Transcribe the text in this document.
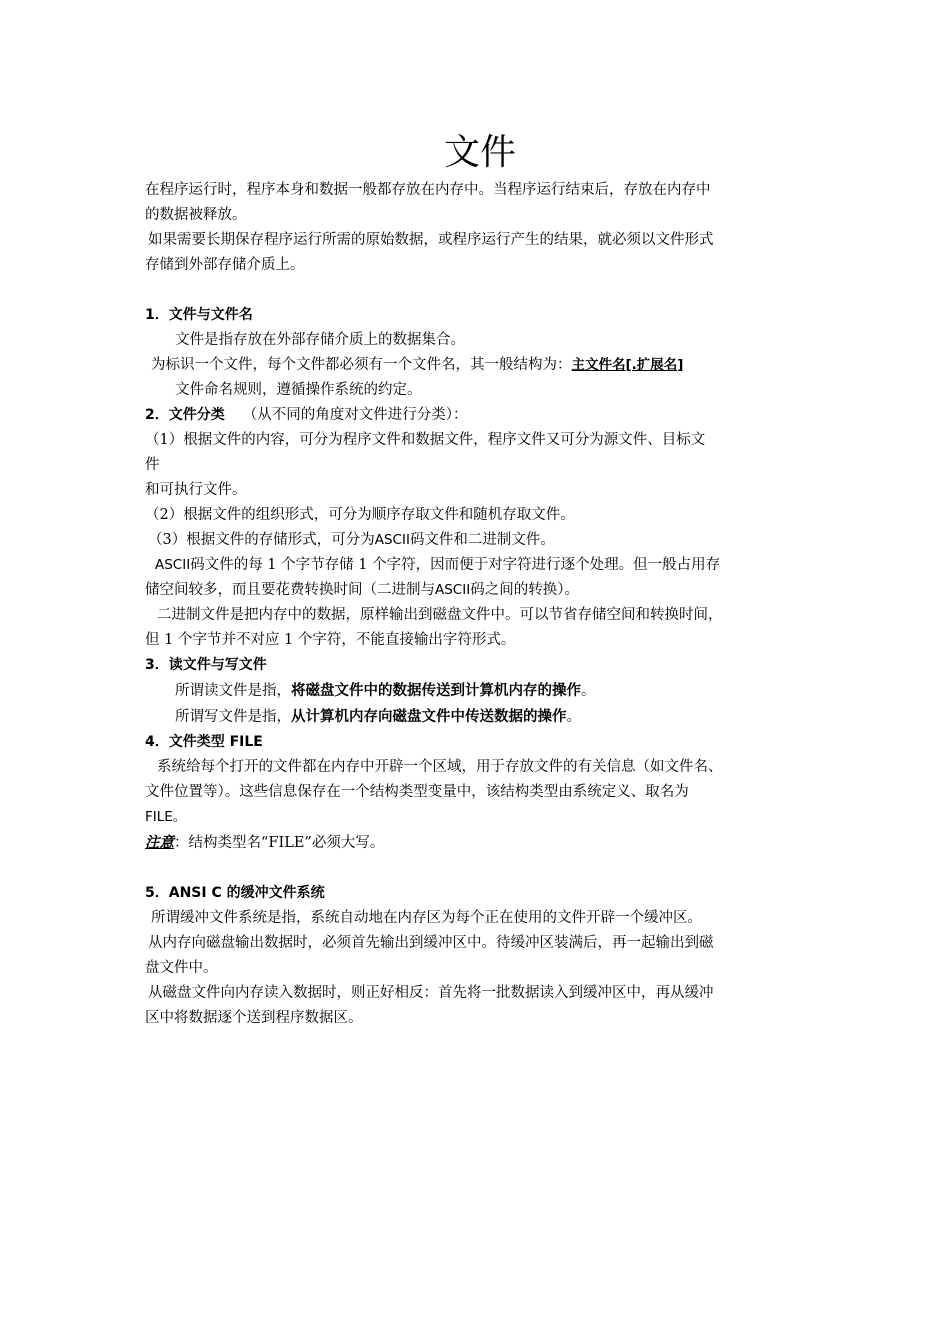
文件

在程序运行时，程序本身和数据一般都存放在内存中。当程序运行结束后，存放在内存中

的数据被释放。

如果需要长期保存程序运行所需的原始数据，或程序运行产生的结果，就必须以文件形式

存储到外部存储介质上。

1．文件与文件名

文件是指存放在外部存储介质上的数据集合。

为标识一个文件，每个文件都必须有一个文件名，其一般结构为：主文件名[.扩展名]

文件命名规则，遵循操作系统的约定。

2．文件分类 （从不同的角度对文件进行分类）：

（1）根据文件的内容，可分为程序文件和数据文件，程序文件又可分为源文件、目标文

件

和可执行文件。

（2）根据文件的组织形式，可分为顺序存取文件和随机存取文件。

（3）根据文件的存储形式，可分为ASCII码文件和二进制文件。

ASCII码文件的每 1 个字节存储 1 个字符，因而便于对字符进行逐个处理。但一般占用存

储空间较多，而且要花费转换时间（二进制与ASCII码之间的转换）。

二进制文件是把内存中的数据，原样输出到磁盘文件中。可以节省存储空间和转换时间，

但 1 个字节并不对应 1 个字符，不能直接输出字符形式。

3．读文件与写文件

所谓读文件是指，将磁盘文件中的数据传送到计算机内存的操作。

所谓写文件是指，从计算机内存向磁盘文件中传送数据的操作。

4．文件类型 FILE

系统给每个打开的文件都在内存中开辟一个区域，用于存放文件的有关信息（如文件名、

文件位置等）。这些信息保存在一个结构类型变量中，该结构类型由系统定义、取名为

FILE。

注意：结构类型名“FILE”必须大写。

5．ANSI C 的缓冲文件系统

所谓缓冲文件系统是指，系统自动地在内存区为每个正在使用的文件开辟一个缓冲区。

从内存向磁盘输出数据时，必须首先输出到缓冲区中。待缓冲区装满后，再一起输出到磁

盘文件中。

从磁盘文件向内存读入数据时，则正好相反：首先将一批数据读入到缓冲区中，再从缓冲

区中将数据逐个送到程序数据区。
